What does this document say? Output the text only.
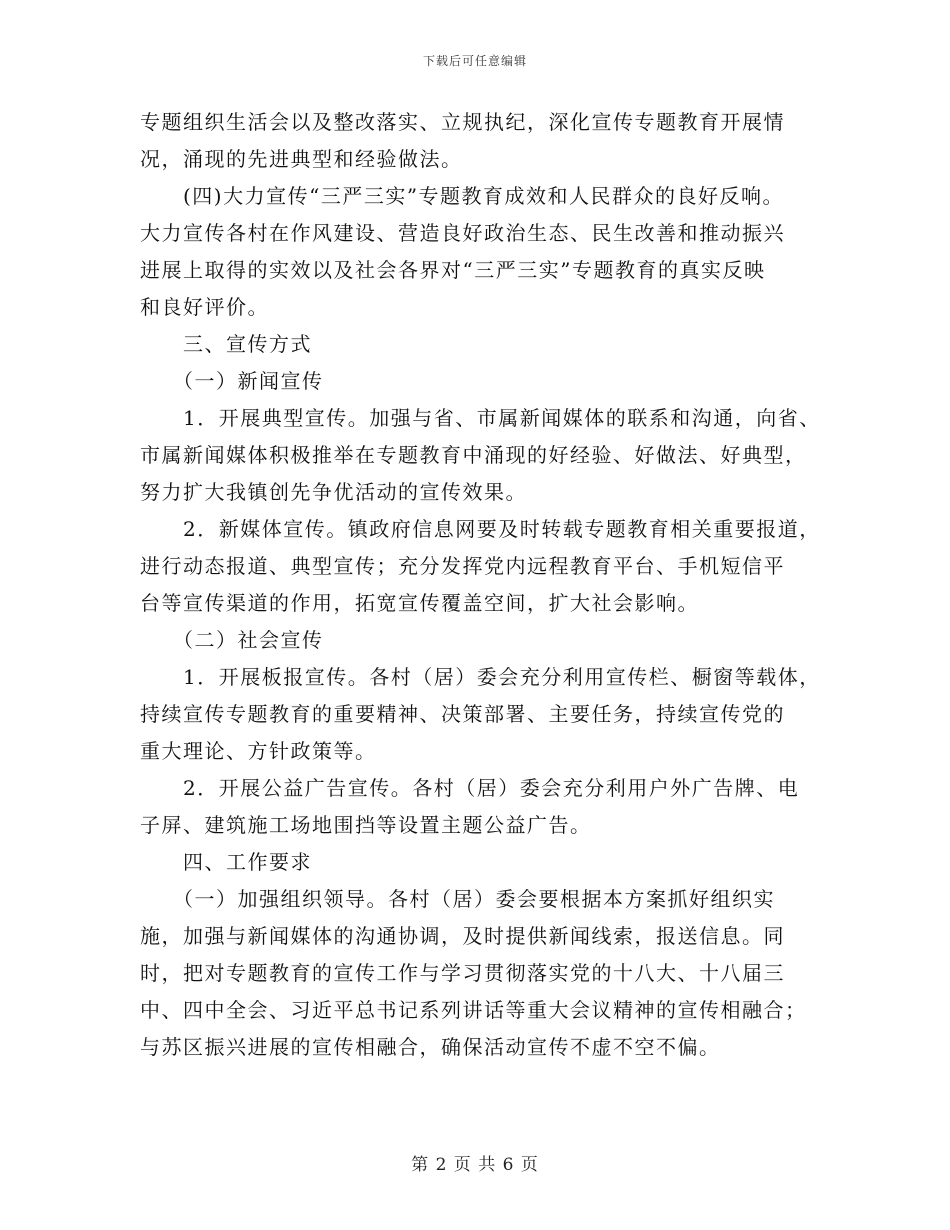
下载后可任意编辑
专题组织生活会以及整改落实、立规执纪，深化宣传专题教育开展情
况，涌现的先进典型和经验做法。
　　(四)大力宣传“三严三实”专题教育成效和人民群众的良好反响。
大力宣传各村在作风建设、营造良好政治生态、民生改善和推动振兴
进展上取得的实效以及社会各界对“三严三实”专题教育的真实反映
和良好评价。
　　三、宣传方式
　　（一）新闻宣传
　　1．开展典型宣传。加强与省、市属新闻媒体的联系和沟通，向省、
市属新闻媒体积极推举在专题教育中涌现的好经验、好做法、好典型，
努力扩大我镇创先争优活动的宣传效果。
　　2．新媒体宣传。镇政府信息网要及时转载专题教育相关重要报道，
进行动态报道、典型宣传；充分发挥党内远程教育平台、手机短信平
台等宣传渠道的作用，拓宽宣传覆盖空间，扩大社会影响。
　　（二）社会宣传
　　1．开展板报宣传。各村（居）委会充分利用宣传栏、橱窗等载体，
持续宣传专题教育的重要精神、决策部署、主要任务，持续宣传党的
重大理论、方针政策等。
　　2．开展公益广告宣传。各村（居）委会充分利用户外广告牌、电
子屏、建筑施工场地围挡等设置主题公益广告。
　　四、工作要求
　　（一）加强组织领导。各村（居）委会要根据本方案抓好组织实
施，加强与新闻媒体的沟通协调，及时提供新闻线索，报送信息。同
时，把对专题教育的宣传工作与学习贯彻落实党的十八大、十八届三
中、四中全会、习近平总书记系列讲话等重大会议精神的宣传相融合；
与苏区振兴进展的宣传相融合，确保活动宣传不虚不空不偏。
第 2 页 共 6 页
